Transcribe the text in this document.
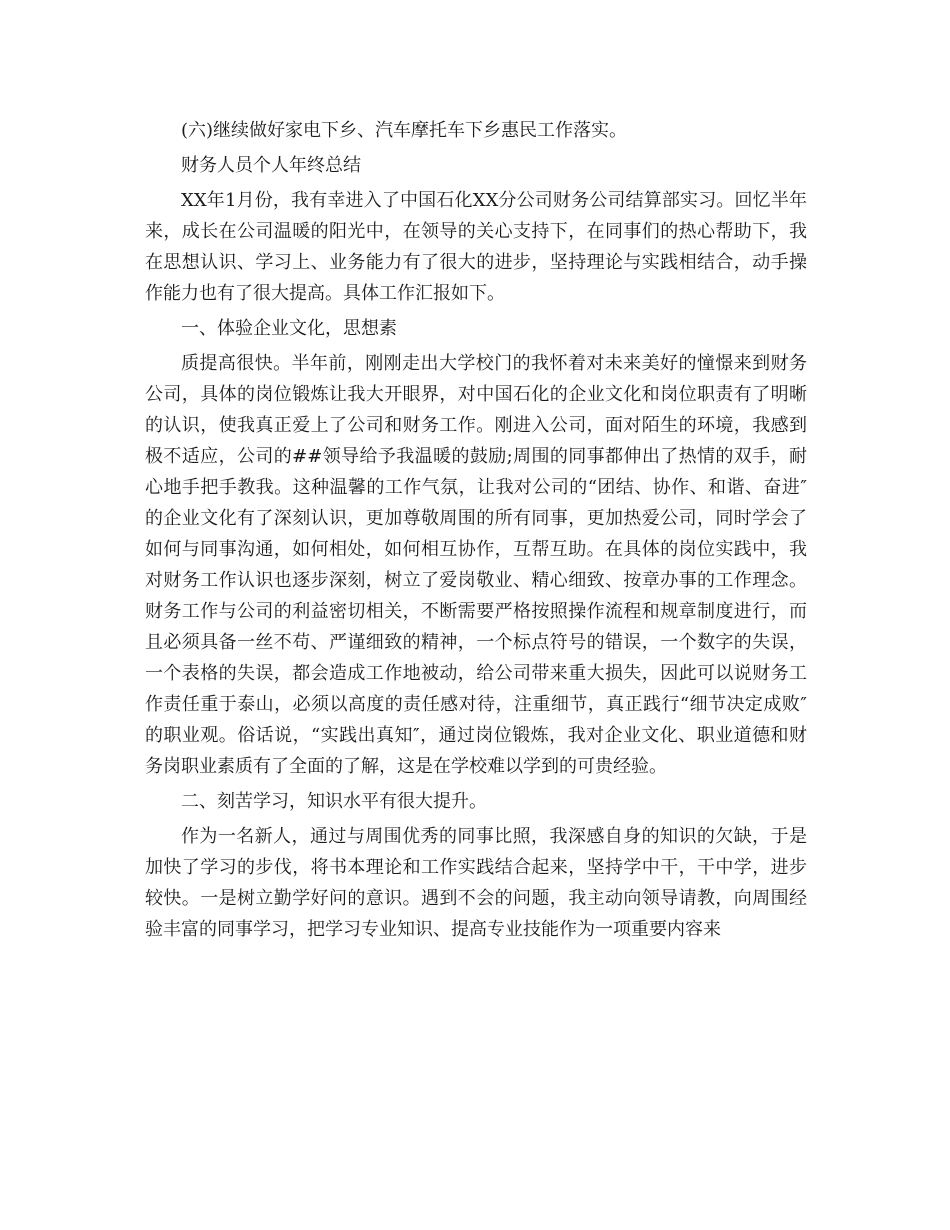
(六)继续做好家电下乡、汽车摩托车下乡惠民工作落实。

财务人员个人年终总结

XX年1月份，我有幸进入了中国石化XX分公司财务公司结算部实习。回忆半年来，成长在公司温暖的阳光中，在领导的关心支持下，在同事们的热心帮助下，我在思想认识、学习上、业务能力有了很大的进步，坚持理论与实践相结合，动手操作能力也有了很大提高。具体工作汇报如下。

一、体验企业文化，思想素

质提高很快。半年前，刚刚走出大学校门的我怀着对未来美好的憧憬来到财务公司，具体的岗位锻炼让我大开眼界，对中国石化的企业文化和岗位职责有了明晰的认识，使我真正爱上了公司和财务工作。刚进入公司，面对陌生的环境，我感到极不适应，公司的##领导给予我温暖的鼓励;周围的同事都伸出了热情的双手，耐心地手把手教我。这种温馨的工作气氛，让我对公司的“团结、协作、和谐、奋进″的企业文化有了深刻认识，更加尊敬周围的所有同事，更加热爱公司，同时学会了如何与同事沟通，如何相处，如何相互协作，互帮互助。在具体的岗位实践中，我对财务工作认识也逐步深刻，树立了爱岗敬业、精心细致、按章办事的工作理念。财务工作与公司的利益密切相关，不断需要严格按照操作流程和规章制度进行，而且必须具备一丝不苟、严谨细致的精神，一个标点符号的错误，一个数字的失误，一个表格的失误，都会造成工作地被动，给公司带来重大损失，因此可以说财务工作责任重于泰山，必须以高度的责任感对待，注重细节，真正践行“细节决定成败″的职业观。俗话说，“实践出真知″，通过岗位锻炼，我对企业文化、职业道德和财务岗职业素质有了全面的了解，这是在学校难以学到的可贵经验。

二、刻苦学习，知识水平有很大提升。

作为一名新人，通过与周围优秀的同事比照，我深感自身的知识的欠缺，于是加快了学习的步伐，将书本理论和工作实践结合起来，坚持学中干，干中学，进步较快。一是树立勤学好问的意识。遇到不会的问题，我主动向领导请教，向周围经验丰富的同事学习，把学习专业知识、提高专业技能作为一项重要内容来
